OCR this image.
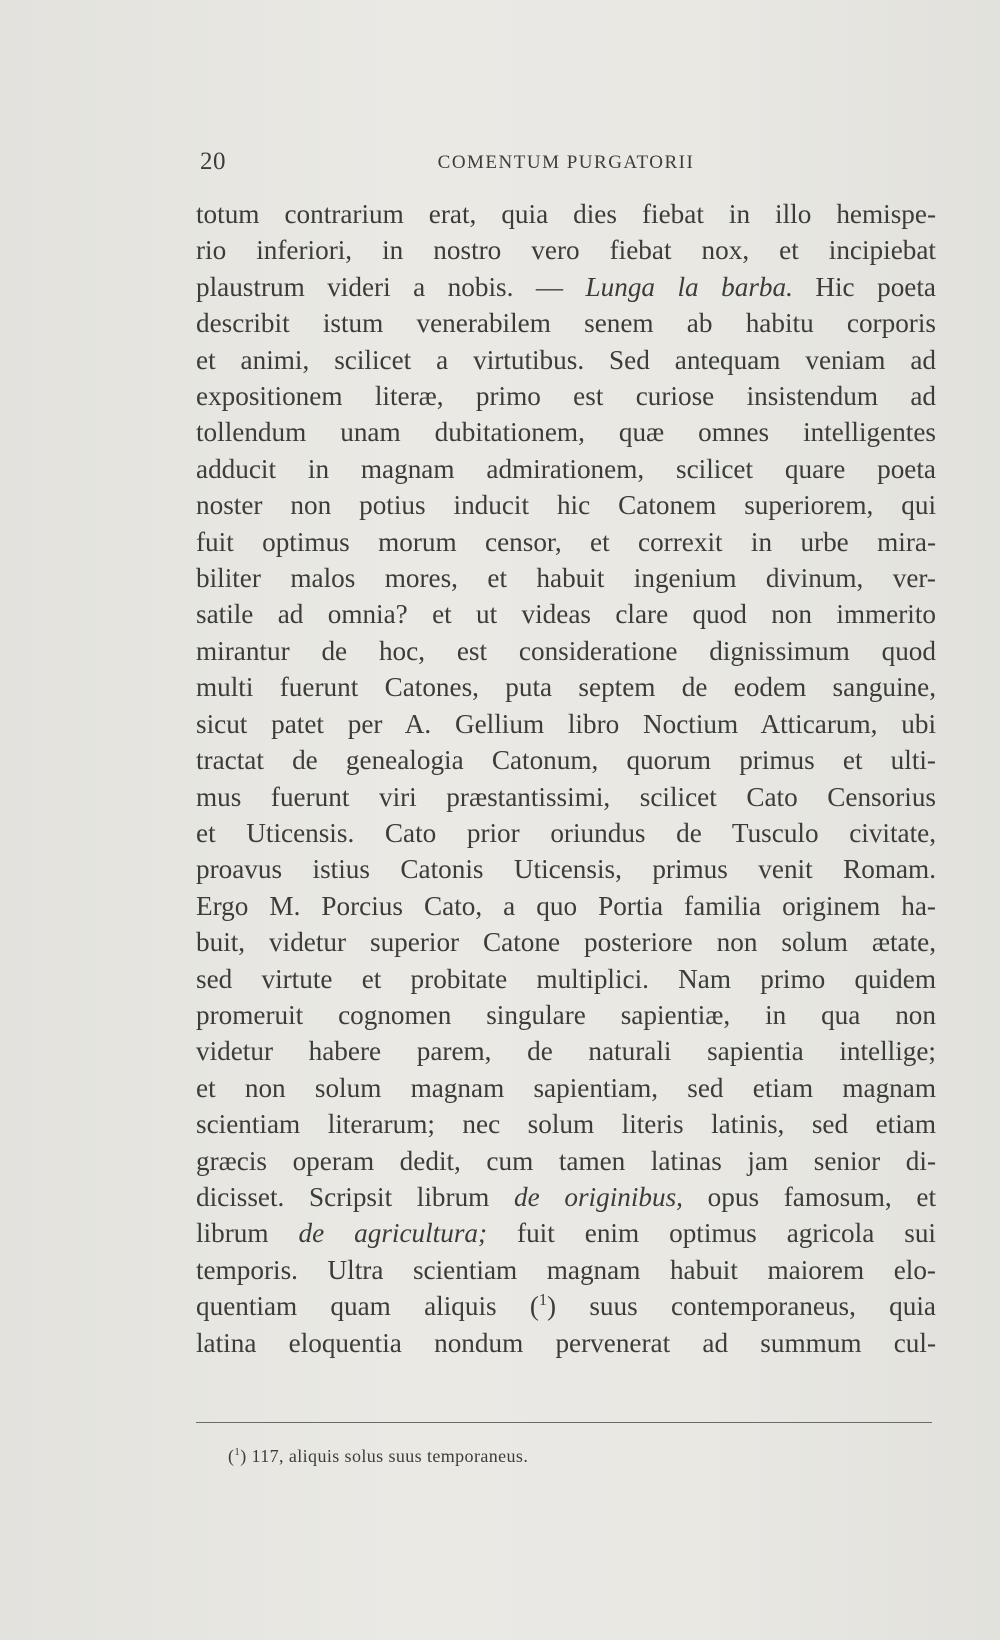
20	COMENTUM PURGATORII
totum contrarium erat, quia dies fiebat in illo hemispe-
rio inferiori, in nostro vero fiebat nox, et incipiebat
plaustrum videri a nobis. — Lunga la barba. Hic poeta
describit istum venerabilem senem ab habitu corporis
et animi, scilicet a virtutibus. Sed antequam veniam ad
expositionem literæ, primo est curiose insistendum ad
tollendum unam dubitationem, quæ omnes intelligentes
adducit in magnam admirationem, scilicet quare poeta
noster non potius inducit hic Catonem superiorem, qui
fuit optimus morum censor, et correxit in urbe mira-
biliter malos mores, et habuit ingenium divinum, ver-
satile ad omnia? et ut videas clare quod non immerito
mirantur de hoc, est consideratione dignissimum quod
multi fuerunt Catones, puta septem de eodem sanguine,
sicut patet per A. Gellium libro Noctium Atticarum, ubi
tractat de genealogia Catonum, quorum primus et ulti-
mus fuerunt viri præstantissimi, scilicet Cato Censorius
et Uticensis. Cato prior oriundus de Tusculo civitate,
proavus istius Catonis Uticensis, primus venit Romam.
Ergo M. Porcius Cato, a quo Portia familia originem ha-
buit, videtur superior Catone posteriore non solum ætate,
sed virtute et probitate multiplici. Nam primo quidem
promeruit cognomen singulare sapientiæ, in qua non
videtur habere parem, de naturali sapientia intellige;
et non solum magnam sapientiam, sed etiam magnam
scientiam literarum; nec solum literis latinis, sed etiam
græcis operam dedit, cum tamen latinas jam senior di-
dicisset. Scripsit librum de originibus, opus famosum, et
librum de agricultura; fuit enim optimus agricola sui
temporis. Ultra scientiam magnam habuit maiorem elo-
quentiam quam aliquis ($^1$) suus contemporaneus, quia
latina eloquentia nondum pervenerat ad summum cul-
($^1$) 117, aliquis solus suus temporaneus.
